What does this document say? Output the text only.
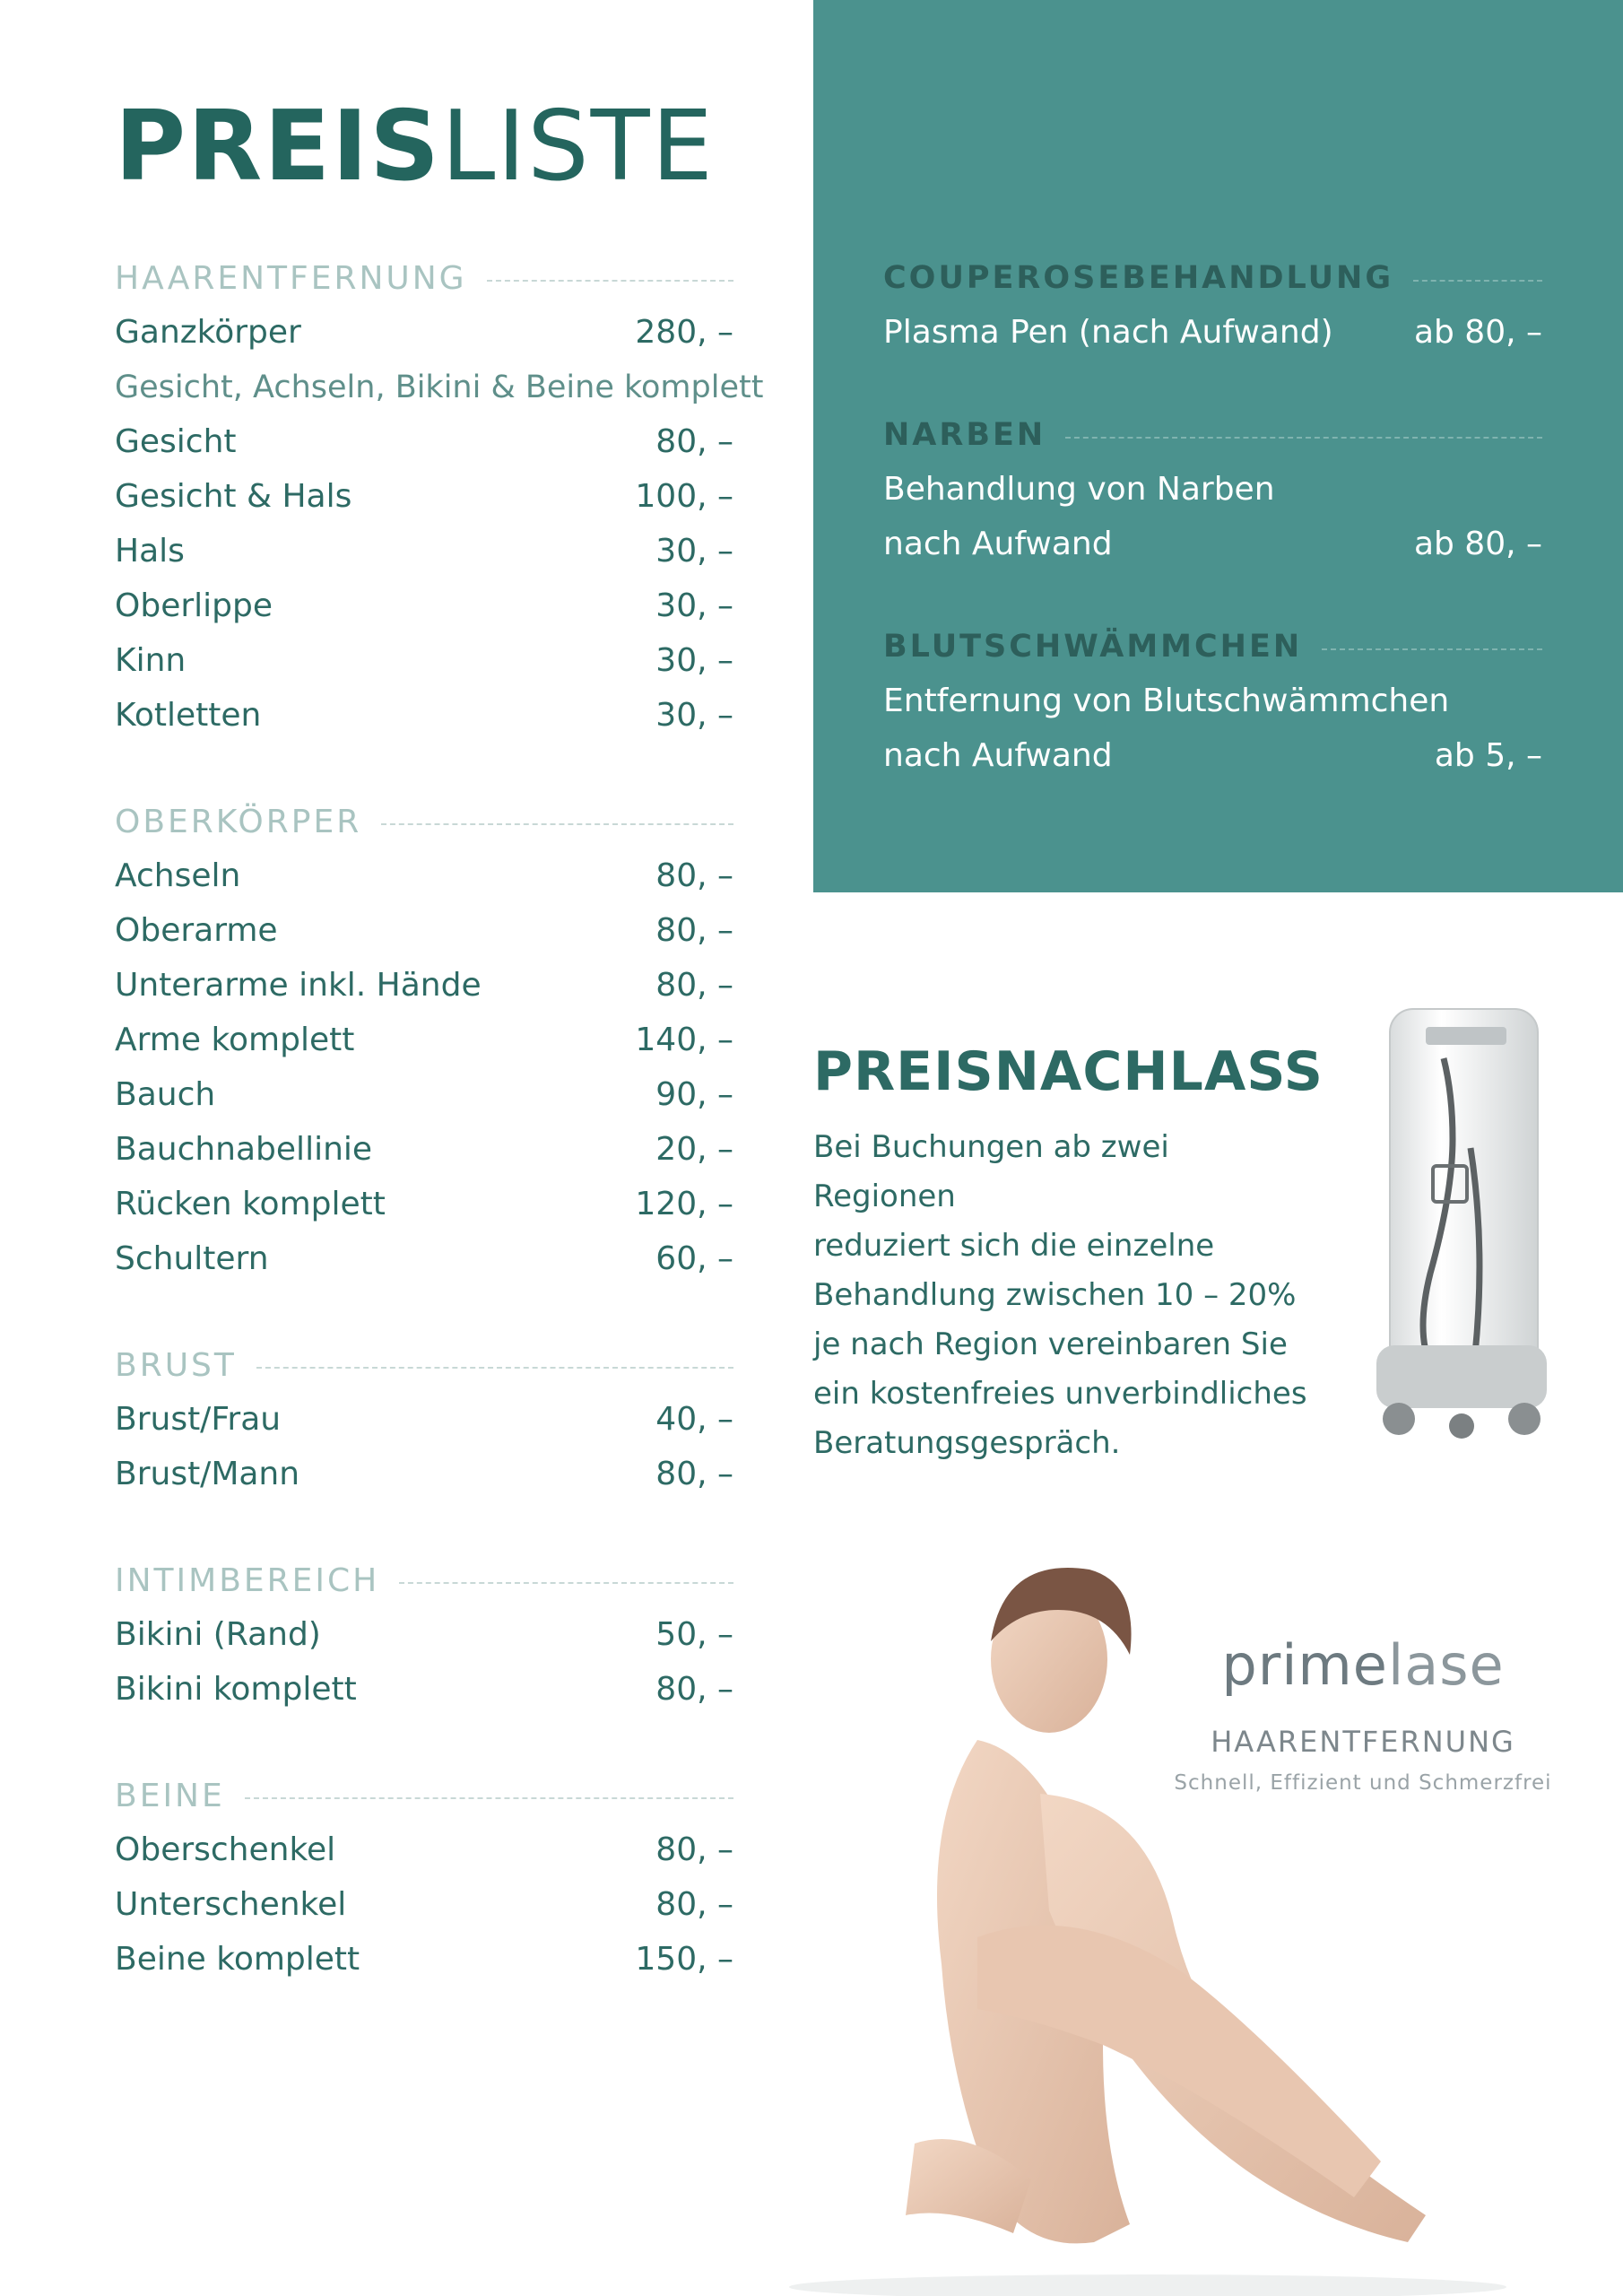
PREISLISTE
HAARENTFERNUNG
Ganzkörper	280, –
Gesicht, Achseln, Bikini & Beine komplett
Gesicht	80, –
Gesicht & Hals	100, –
Hals	30, –
Oberlippe	30, –
Kinn	30, –
Kotletten	30, –
OBERKÖRPER
Achseln	80, –
Oberarme	80, –
Unterarme inkl. Hände	80, –
Arme komplett	140, –
Bauch	90, –
Bauchnabellinie	20, –
Rücken komplett	120, –
Schultern	60, –
BRUST
Brust/Frau	40, –
Brust/Mann	80, –
INTIMBEREICH
Bikini (Rand)	50, –
Bikini komplett	80, –
BEINE
Oberschenkel	80, –
Unterschenkel	80, –
Beine komplett	150, –
COUPEROSEBEHANDLUNG
Plasma Pen (nach Aufwand)	ab 80, –
NARBEN
Behandlung von Narben
nach Aufwand	ab 80, –
BLUTSCHWÄMMCHEN
Entfernung von Blutschwämmchen
nach Aufwand	ab 5, –
PREISNACHLASS
Bei Buchungen ab zwei Regionen
reduziert sich die einzelne
Behandlung zwischen 10 – 20%
je nach Region vereinbaren Sie
ein kostenfreies unverbindliches
Beratungsgespräch.
primelase
HAARENTFERNUNG
Schnell, Effizient und Schmerzfrei
